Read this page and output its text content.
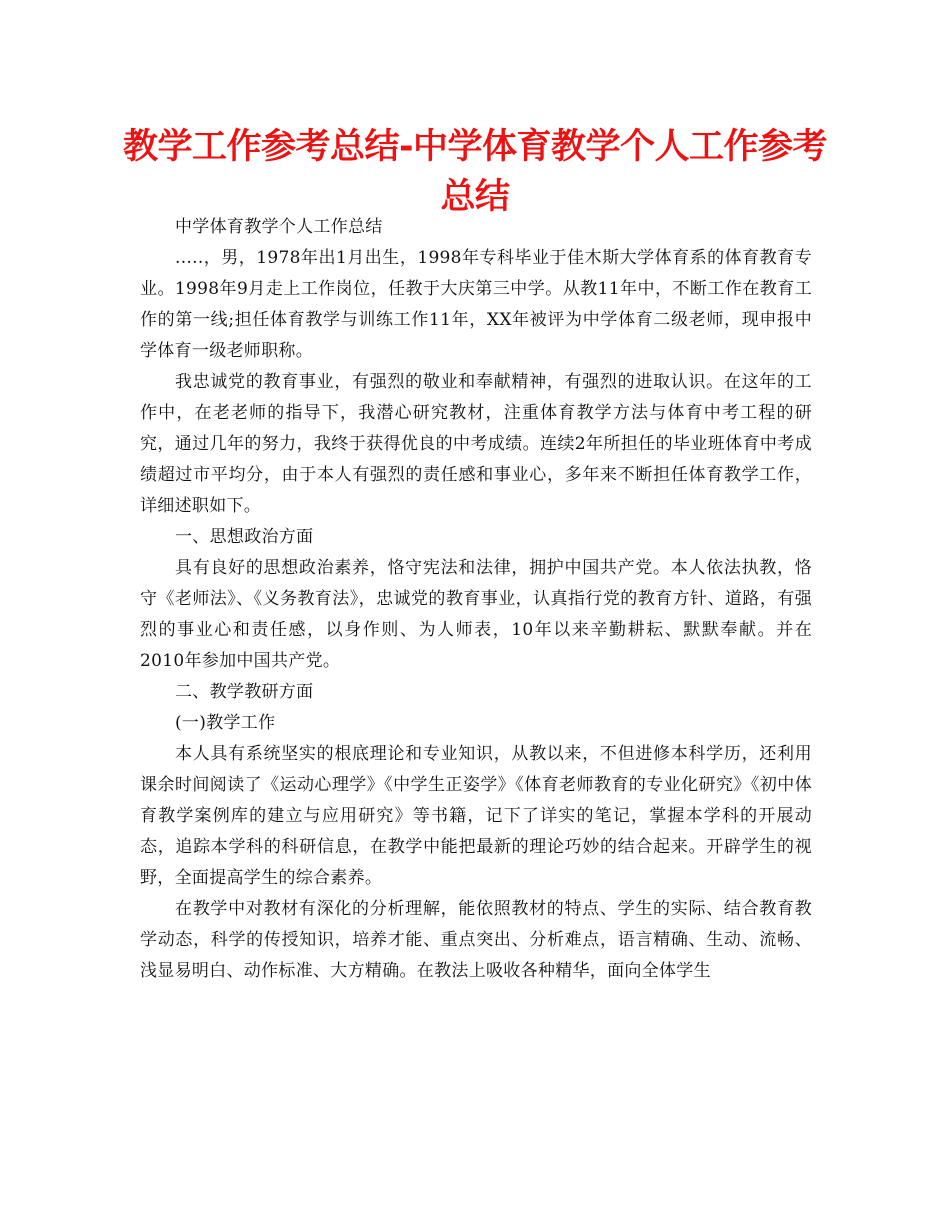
教学工作参考总结-中学体育教学个人工作参考总结

中学体育教学个人工作总结

.....，男，1978年出1月出生，1998年专科毕业于佳木斯大学体育系的体育教育专业。1998年9月走上工作岗位，任教于大庆第三中学。从教11年中，不断工作在教育工作的第一线;担任体育教学与训练工作11年，XX年被评为中学体育二级老师，现申报中学体育一级老师职称。

我忠诚党的教育事业，有强烈的敬业和奉献精神，有强烈的进取认识。在这年的工作中，在老老师的指导下，我潜心研究教材，注重体育教学方法与体育中考工程的研究，通过几年的努力，我终于获得优良的中考成绩。连续2年所担任的毕业班体育中考成绩超过市平均分，由于本人有强烈的责任感和事业心，多年来不断担任体育教学工作，详细述职如下。

一、思想政治方面

具有良好的思想政治素养，恪守宪法和法律，拥护中国共产党。本人依法执教，恪守《老师法》、《义务教育法》，忠诚党的教育事业，认真指行党的教育方针、道路，有强烈的事业心和责任感，以身作则、为人师表，10年以来辛勤耕耘、默默奉献。并在2010年参加中国共产党。

二、教学教研方面

(一)教学工作

本人具有系统坚实的根底理论和专业知识，从教以来，不但进修本科学历，还利用课余时间阅读了《运动心理学》《中学生正姿学》《体育老师教育的专业化研究》《初中体育教学案例库的建立与应用研究》等书籍，记下了详实的笔记，掌握本学科的开展动态，追踪本学科的科研信息，在教学中能把最新的理论巧妙的结合起来。开辟学生的视野，全面提高学生的综合素养。

在教学中对教材有深化的分析理解，能依照教材的特点、学生的实际、结合教育教学动态，科学的传授知识，培养才能、重点突出、分析难点，语言精确、生动、流畅、浅显易明白、动作标准、大方精确。在教法上吸收各种精华，面向全体学生
